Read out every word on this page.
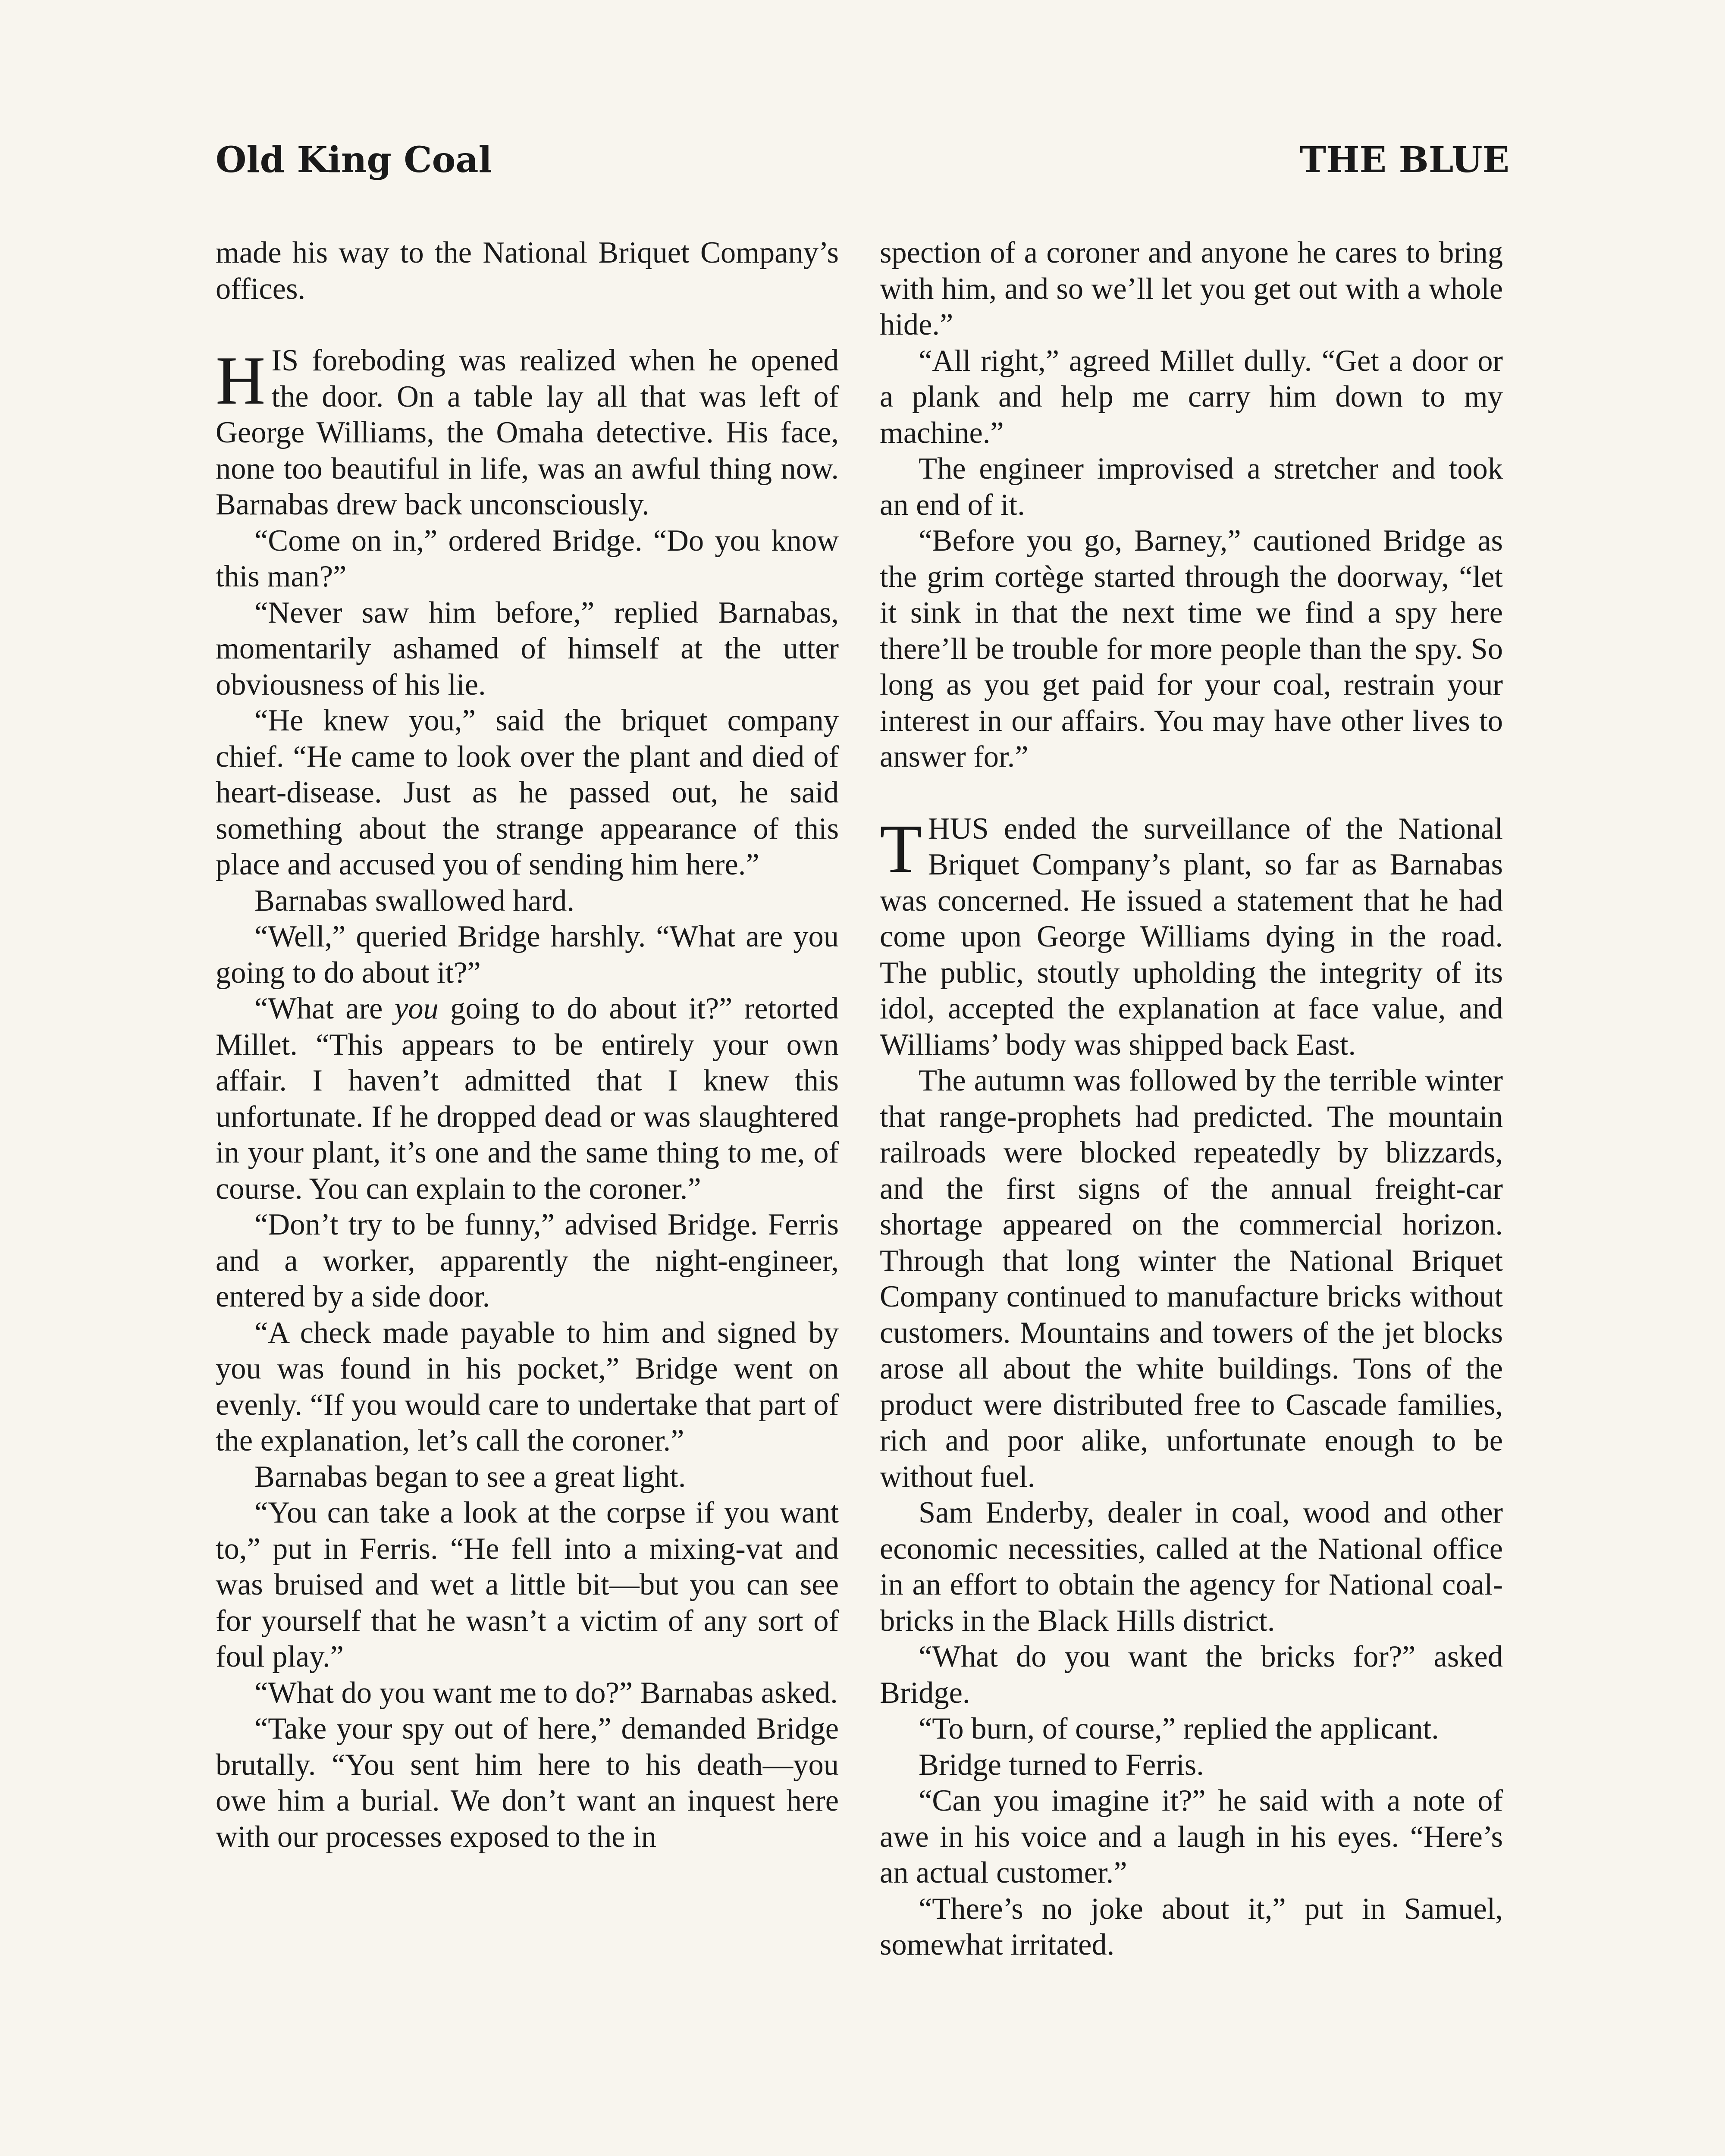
Old King Coal	THE BLUE

made his way to the National Briquet Company’s offices.

HIS foreboding was realized when he opened the door. On a table lay all that was left of George Williams, the Omaha detective. His face, none too beautiful in life, was an awful thing now. Barnabas drew back unconsciously.

“Come on in,” ordered Bridge. “Do you know this man?”

“Never saw him before,” replied Barnabas, momentarily ashamed of himself at the utter obviousness of his lie.

“He knew you,” said the briquet company chief. “He came to look over the plant and died of heart-disease. Just as he passed out, he said something about the strange appearance of this place and accused you of sending him here.”

Barnabas swallowed hard.

“Well,” queried Bridge harshly. “What are you going to do about it?”

“What are you going to do about it?” retorted Millet. “This appears to be entirely your own affair. I haven’t admitted that I knew this unfortunate. If he dropped dead or was slaughtered in your plant, it’s one and the same thing to me, of course. You can explain to the coroner.”

“Don’t try to be funny,” advised Bridge. Ferris and a worker, apparently the night-engineer, entered by a side door.

“A check made payable to him and signed by you was found in his pocket,” Bridge went on evenly. “If you would care to undertake that part of the explanation, let’s call the coroner.”

Barnabas began to see a great light.

“You can take a look at the corpse if you want to,” put in Ferris. “He fell into a mixing-vat and was bruised and wet a little bit—but you can see for yourself that he wasn’t a victim of any sort of foul play.”

“What do you want me to do?” Barnabas asked.

“Take your spy out of here,” demanded Bridge brutally. “You sent him here to his death—you owe him a burial. We don’t want an inquest here with our processes exposed to the in

spection of a coroner and anyone he cares to bring with him, and so we’ll let you get out with a whole hide.”

“All right,” agreed Millet dully. “Get a door or a plank and help me carry him down to my machine.”

The engineer improvised a stretcher and took an end of it.

“Before you go, Barney,” cautioned Bridge as the grim cortège started through the doorway, “let it sink in that the next time we find a spy here there’ll be trouble for more people than the spy. So long as you get paid for your coal, restrain your interest in our affairs. You may have other lives to answer for.”

THUS ended the surveillance of the National Briquet Company’s plant, so far as Barnabas was concerned. He issued a statement that he had come upon George Williams dying in the road. The public, stoutly upholding the integrity of its idol, accepted the explanation at face value, and Williams’ body was shipped back East.

The autumn was followed by the terrible winter that range-prophets had predicted. The mountain railroads were blocked repeatedly by blizzards, and the first signs of the annual freight-car shortage appeared on the commercial horizon. Through that long winter the National Briquet Company continued to manufacture bricks without customers. Mountains and towers of the jet blocks arose all about the white buildings. Tons of the product were distributed free to Cascade families, rich and poor alike, unfortunate enough to be without fuel.

Sam Enderby, dealer in coal, wood and other economic necessities, called at the National office in an effort to obtain the agency for National coal-bricks in the Black Hills district.

“What do you want the bricks for?” asked Bridge.

“To burn, of course,” replied the applicant.

Bridge turned to Ferris.

“Can you imagine it?” he said with a note of awe in his voice and a laugh in his eyes. “Here’s an actual customer.”

“There’s no joke about it,” put in Samuel, somewhat irritated.
